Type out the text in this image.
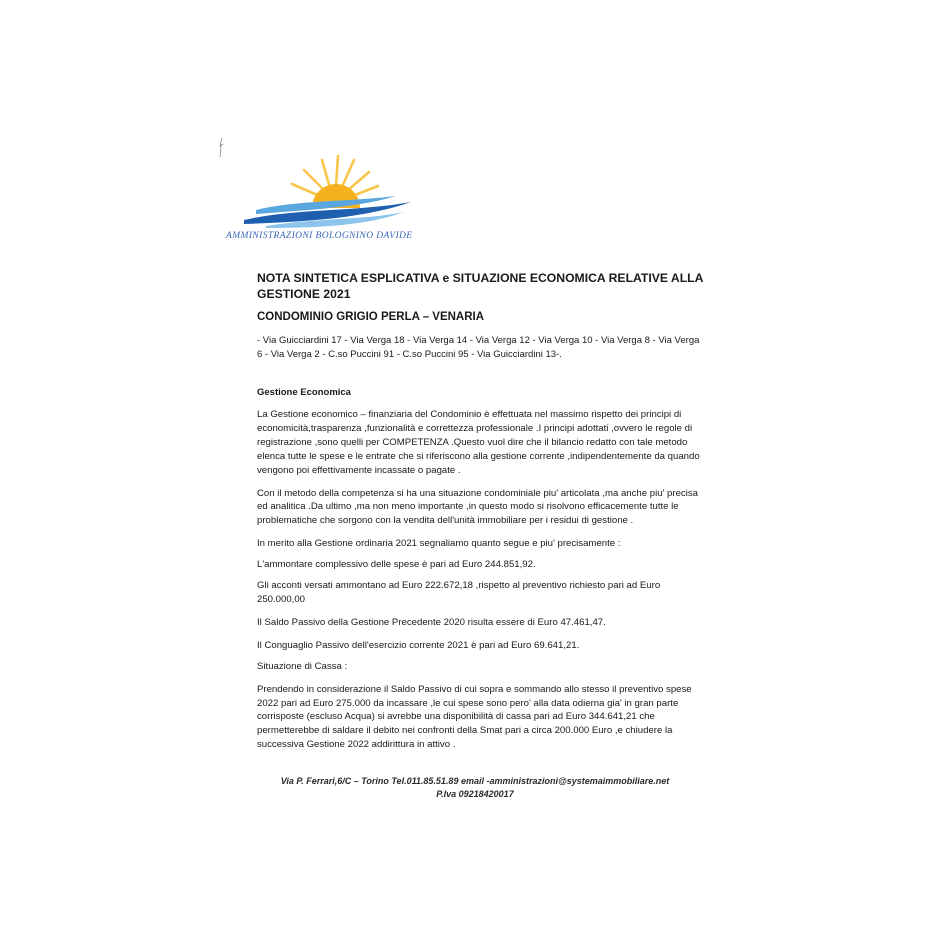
AMMINISTRAZIONI BOLOGNINO DAVIDE
NOTA SINTETICA ESPLICATIVA e SITUAZIONE ECONOMICA RELATIVE ALLA GESTIONE 2021
CONDOMINIO GRIGIO PERLA – VENARIA

- Via Guicciardini 17 - Via Verga 18 - Via Verga 14 - Via Verga 12 - Via Verga 10 - Via Verga 8 - Via Verga 6 - Via Verga 2 - C.so Puccini 91 - C.so Puccini 95 - Via Guicciardini 13-.

Gestione Economica

La Gestione economico – finanziaria del Condominio è effettuata nel massimo rispetto dei principi di economicità,trasparenza ,funzionalità e correttezza professionale .I principi adottati ,ovvero le regole di registrazione ,sono quelli per COMPETENZA .Questo vuol dire che il bilancio redatto con tale metodo elenca tutte le spese e le entrate che si riferiscono alla gestione corrente ,indipendentemente da quando vengono poi effettivamente incassate o pagate .

Con il metodo della competenza si ha una situazione condominiale piu' articolata ,ma anche piu' precisa ed analitica .Da ultimo ,ma non meno importante ,in questo modo si risolvono efficacemente tutte le problematiche che sorgono con la vendita dell'unità immobiliare per i residui di gestione .

In merito alla Gestione ordinaria 2021 segnaliamo quanto segue e piu' precisamente :

L'ammontare complessivo delle spese è pari ad Euro 244.851,92.

Gli acconti versati ammontano ad Euro 222.672,18 ,rispetto al preventivo richiesto pari ad Euro 250.000,00

Il Saldo Passivo della Gestione Precedente 2020 risulta essere di Euro 47.461,47.

Il Conguaglio Passivo dell'esercizio corrente 2021 è pari ad Euro 69.641,21.

Situazione di Cassa :

Prendendo in considerazione il Saldo Passivo di cui sopra e sommando allo stesso il preventivo spese 2022 pari ad Euro 275.000 da incassare ,le cui spese sono pero' alla data odierna gia' in gran parte corrisposte (escluso Acqua) si avrebbe una disponibilità di cassa pari ad Euro 344.641,21 che permetterebbe di saldare il debito nei confronti della Smat pari a circa 200.000 Euro ,e chiudere la successiva Gestione 2022 addirittura in attivo .

Via P. Ferrari,6/C – Torino Tel.011.85.51.89 email -amministrazioni@systemaimmobiliare.net
P.Iva 09218420017
